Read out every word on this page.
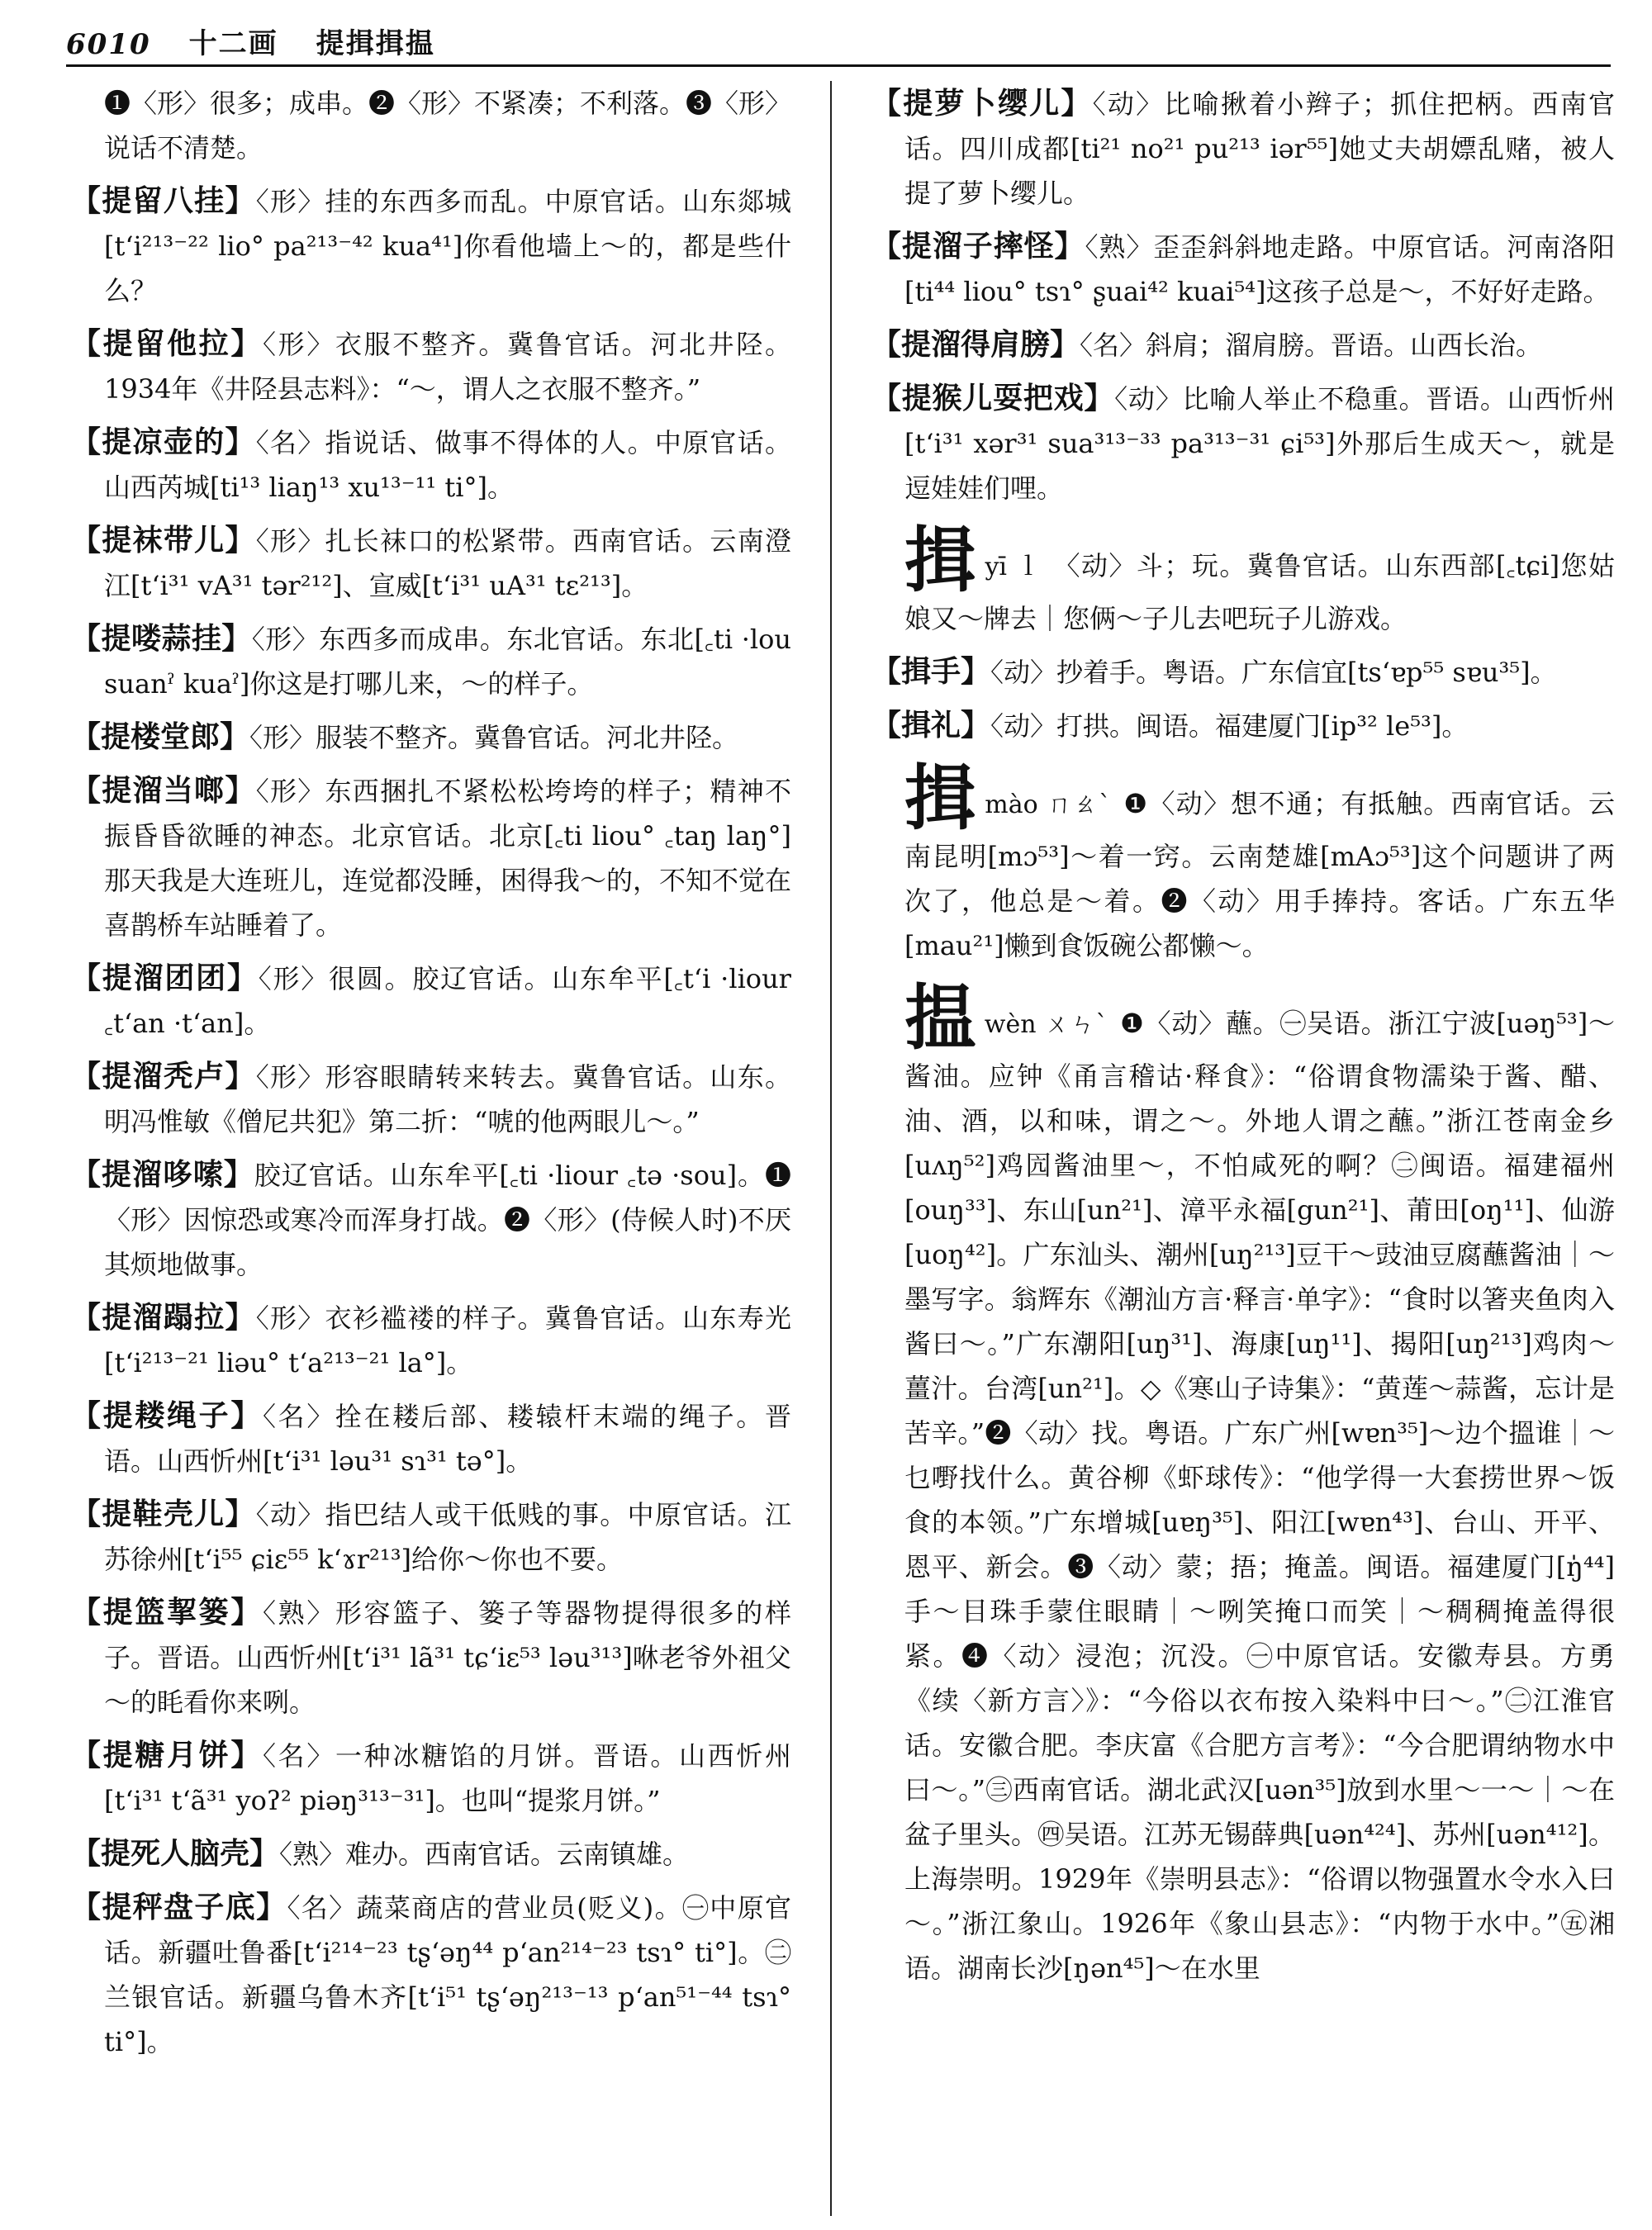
6010 十二画 提揖揖揾
❶〈形〉很多；成串。❷〈形〉不紧凑；不利落。❸〈形〉说话不清楚。
【提留八挂】〈形〉挂的东西多而乱。中原官话。山东郯城[tʻi²¹³⁻²² lio° pa²¹³⁻⁴² kua⁴¹]你看他墙上～的，都是些什么？
【提留他拉】〈形〉衣服不整齐。冀鲁官话。河北井陉。1934年《井陉县志料》：“～，谓人之衣服不整齐。”
【提凉壶的】〈名〉指说话、做事不得体的人。中原官话。山西芮城[ti¹³ liaŋ¹³ xu¹³⁻¹¹ ti°]。
【提袜带儿】〈形〉扎长袜口的松紧带。西南官话。云南澄江[tʻi³¹ vA³¹ tər²¹²]、宣威[tʻi³¹ uA³¹ tɛ²¹³]。
【提喽蒜挂】〈形〉东西多而成串。东北官话。东北[꜀ti ·lou suanˀ kuaˀ]你这是打哪儿来，～的样子。
【提楼堂郎】〈形〉服装不整齐。冀鲁官话。河北井陉。
【提溜当啷】〈形〉东西捆扎不紧松松垮垮的样子；精神不振昏昏欲睡的神态。北京官话。北京[꜀ti liou° ꜀taŋ laŋ°]那天我是大连班儿，连觉都没睡，困得我～的，不知不觉在喜鹊桥车站睡着了。
【提溜团团】〈形〉很圆。胶辽官话。山东牟平[꜀tʻi ·liour ꜀tʻan ·tʻan]。
【提溜秃卢】〈形〉形容眼睛转来转去。冀鲁官话。山东。明冯惟敏《僧尼共犯》第二折：“唬的他两眼儿～。”
【提溜哆嗦】胶辽官话。山东牟平[꜀ti ·liour ꜀tə ·sou]。❶〈形〉因惊恐或寒冷而浑身打战。❷〈形〉(侍候人时)不厌其烦地做事。
【提溜蹋拉】〈形〉衣衫褴褛的样子。冀鲁官话。山东寿光[tʻi²¹³⁻²¹ liəu° tʻa²¹³⁻²¹ la°]。
【提耧绳子】〈名〉拴在耧后部、耧辕杆末端的绳子。晋语。山西忻州[tʻi³¹ ləu³¹ sɿ³¹ tə°]。
【提鞋壳儿】〈动〉指巴结人或干低贱的事。中原官话。江苏徐州[tʻi⁵⁵ ɕiɛ⁵⁵ kʻɤr²¹³]给你～你也不要。
【提篮挈篓】〈熟〉形容篮子、篓子等器物提得很多的样子。晋语。山西忻州[tʻi³¹ lã³¹ tɕʻiɛ⁵³ ləu³¹³]咻老爷外祖父～的眊看你来咧。
【提糖月饼】〈名〉一种冰糖馅的月饼。晋语。山西忻州[tʻi³¹ tʻã³¹ yoʔ² piəŋ³¹³⁻³¹]。也叫“提浆月饼。”
【提死人脑壳】〈熟〉难办。西南官话。云南镇雄。
【提秤盘子底】〈名〉蔬菜商店的营业员(贬义)。㊀中原官话。新疆吐鲁番[tʻi²¹⁴⁻²³ tʂʻəŋ⁴⁴ pʻan²¹⁴⁻²³ tsɿ° ti°]。㊁兰银官话。新疆乌鲁木齐[tʻi⁵¹ tʂʻəŋ²¹³⁻¹³ pʻan⁵¹⁻⁴⁴ tsɿ° ti°]。
【提萝卜缨儿】〈动〉比喻揪着小辫子；抓住把柄。西南官话。四川成都[ti²¹ no²¹ pu²¹³ iər⁵⁵]她丈夫胡嫖乱赌，被人提了萝卜缨儿。
【提溜子摔怪】〈熟〉歪歪斜斜地走路。中原官话。河南洛阳[ti⁴⁴ liou° tsɿ° ʂuai⁴² kuai⁵⁴]这孩子总是～，不好好走路。
【提溜得肩膀】〈名〉斜肩；溜肩膀。晋语。山西长治。
【提猴儿耍把戏】〈动〉比喻人举止不稳重。晋语。山西忻州[tʻi³¹ xər³¹ sua³¹³⁻³³ pa³¹³⁻³¹ ɕi⁵³]外那后生成天～，就是逗娃娃们哩。
揖yī ｌ 〈动〉斗；玩。冀鲁官话。山东西部[꜀tɕi]您姑娘又～牌去｜您俩～子儿去吧玩子儿游戏。
【揖手】〈动〉抄着手。粤语。广东信宜[tsʻɐp⁵⁵ sɐu³⁵]。
【揖礼】〈动〉打拱。闽语。福建厦门[ip³² le⁵³]。
揖mào ㄇㄠˋ ❶〈动〉想不通；有抵触。西南官话。云南昆明[mɔ⁵³]～着一窍。云南楚雄[mAɔ⁵³]这个问题讲了两次了，他总是～着。❷〈动〉用手捧持。客话。广东五华[mau²¹]懒到食饭碗公都懒～。
揾wèn ㄨㄣˋ ❶〈动〉蘸。㊀吴语。浙江宁波[uəŋ⁵³]～酱油。应钟《甬言稽诂·释食》：“俗谓食物濡染于酱、醋、油、酒，以和味，谓之～。外地人谓之蘸。”浙江苍南金乡[uʌŋ⁵²]鸡囥酱油里～，不怕咸死的啊？㊁闽语。福建福州[ouŋ³³]、东山[un²¹]、漳平永福[gun²¹]、莆田[oŋ¹¹]、仙游[uoŋ⁴²]。广东汕头、潮州[uŋ²¹³]豆干～豉油豆腐蘸酱油｜～墨写字。翁辉东《潮汕方言·释言·单字》：“食时以箸夹鱼肉入酱曰～。”广东潮阳[uŋ³¹]、海康[uŋ¹¹]、揭阳[uŋ²¹³]鸡肉～薑汁。台湾[un²¹]。◇《寒山子诗集》：“黄莲～蒜酱，忘计是苦辛。”❷〈动〉找。粤语。广东广州[wɐn³⁵]～边个搵谁｜～乜嘢找什么。黄谷柳《虾球传》：“他学得一大套捞世界～饭食的本领。”广东增城[uɐŋ³⁵]、阳江[wɐn⁴³]、台山、开平、恩平、新会。❸〈动〉蒙；捂；掩盖。闽语。福建厦门[ŋ̍⁴⁴]手～目珠手蒙住眼睛｜～咧笑掩口而笑｜～稠稠掩盖得很紧。❹〈动〉浸泡；沉没。㊀中原官话。安徽寿县。方勇《续〈新方言〉》：“今俗以衣布按入染料中曰～。”㊁江淮官话。安徽合肥。李庆富《合肥方言考》：“今合肥谓纳物水中曰～。”㊂西南官话。湖北武汉[uən³⁵]放到水里～一～｜～在盆子里头。㊃吴语。江苏无锡薛典[uən⁴²⁴]、苏州[uən⁴¹²]。上海崇明。1929年《崇明县志》：“俗谓以物强置水令水入曰～。”浙江象山。1926年《象山县志》：“内物于水中。”㊄湘语。湖南长沙[ŋən⁴⁵]～在水里
